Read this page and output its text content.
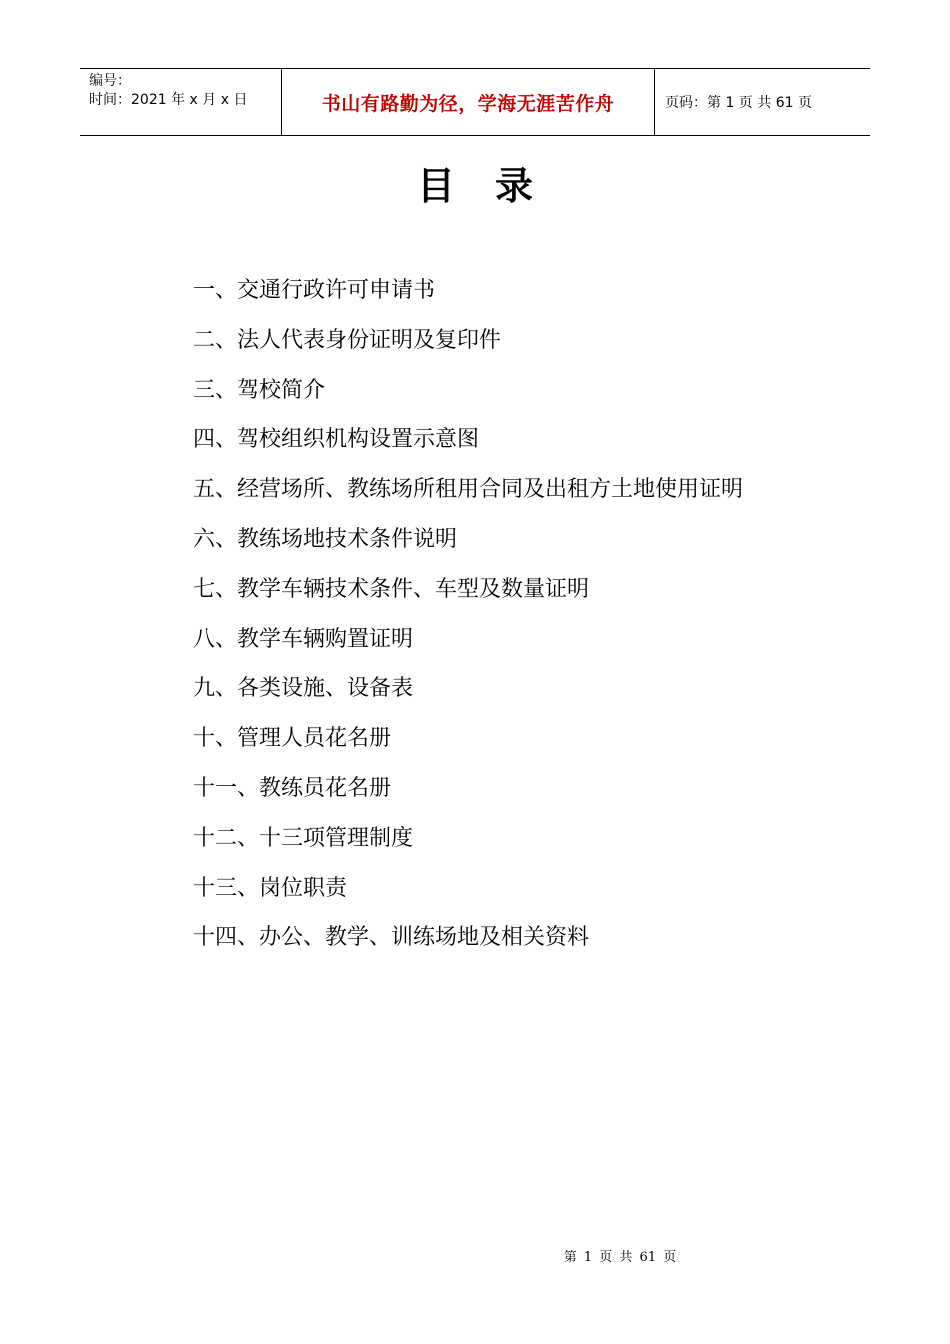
编号：
时间：2021 年 x 月 x 日	书山有路勤为径，学海无涯苦作舟	页码：第 1 页 共 61 页
目录
一、交通行政许可申请书
二、法人代表身份证明及复印件
三、驾校简介
四、驾校组织机构设置示意图
五、经营场所、教练场所租用合同及出租方土地使用证明
六、教练场地技术条件说明
七、教学车辆技术条件、车型及数量证明
八、教学车辆购置证明
九、各类设施、设备表
十、管理人员花名册
十一、教练员花名册
十二、十三项管理制度
十三、岗位职责
十四、办公、教学、训练场地及相关资料
第 1 页 共 61 页
